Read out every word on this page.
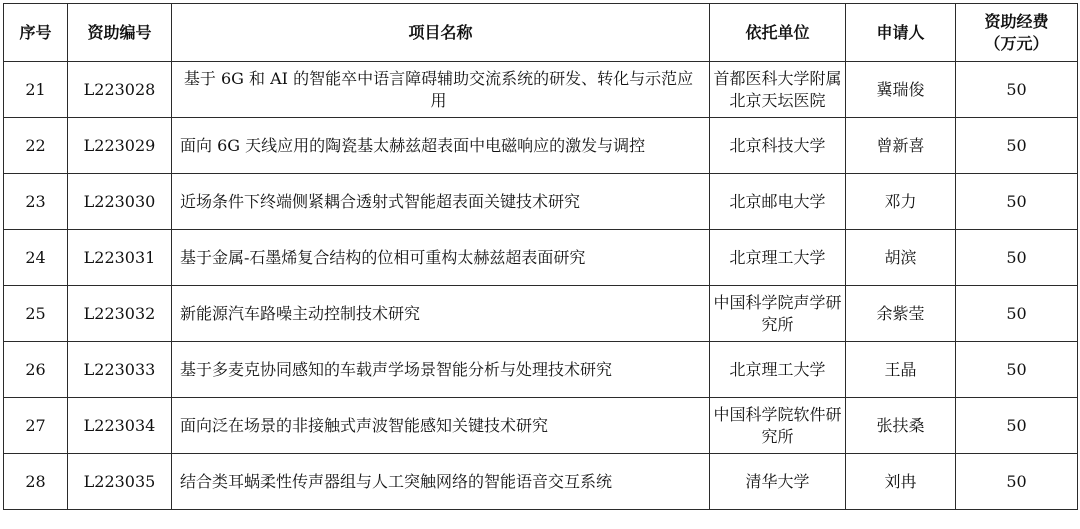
序号	资助编号	项目名称	依托单位	申请人	资助经费
（万元）

21	L223028	基于 6G 和 AI 的智能卒中语言障碍辅助交流系统的研发、转化与示范应用	首都医科大学附属北京天坛医院	冀瑞俊	50
22	L223029	面向 6G 天线应用的陶瓷基太赫兹超表面中电磁响应的激发与调控	北京科技大学	曾新喜	50
23	L223030	近场条件下终端侧紧耦合透射式智能超表面关键技术研究	北京邮电大学	邓力	50
24	L223031	基于金属-石墨烯复合结构的位相可重构太赫兹超表面研究	北京理工大学	胡滨	50
25	L223032	新能源汽车路噪主动控制技术研究	中国科学院声学研究所	余紫莹	50
26	L223033	基于多麦克协同感知的车载声学场景智能分析与处理技术研究	北京理工大学	王晶	50
27	L223034	面向泛在场景的非接触式声波智能感知关键技术研究	中国科学院软件研究所	张扶桑	50
28	L223035	结合类耳蜗柔性传声器组与人工突触网络的智能语音交互系统	清华大学	刘冉	50
